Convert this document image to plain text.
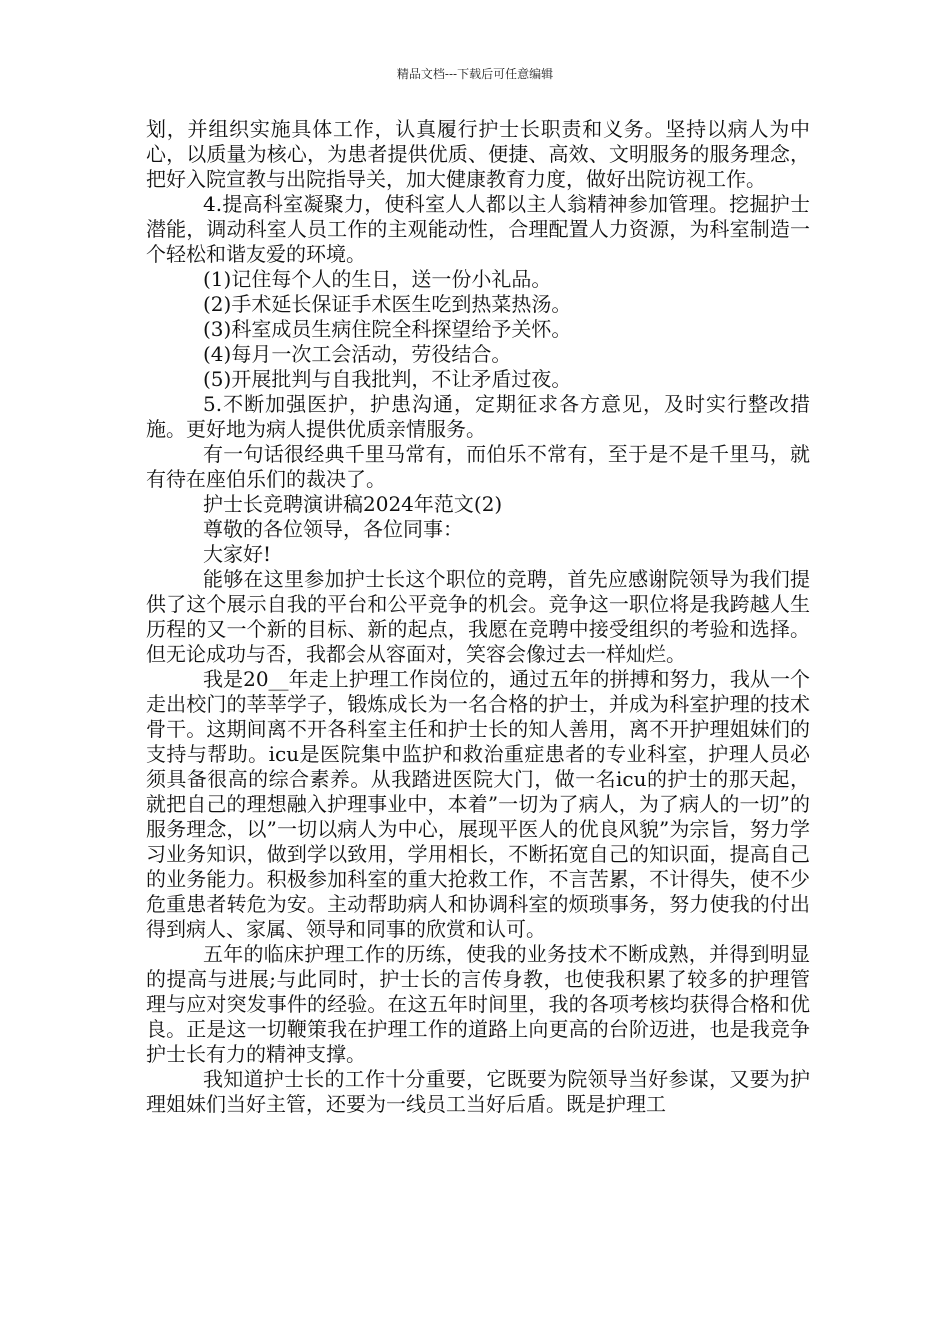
精品文档---下载后可任意编辑

划，并组织实施具体工作，认真履行护士长职责和义务。坚持以病人为中心，以质量为核心，为患者提供优质、便捷、高效、文明服务的服务理念，把好入院宣教与出院指导关，加大健康教育力度，做好出院访视工作。

4.提高科室凝聚力，使科室人人都以主人翁精神参加管理。挖掘护士潜能，调动科室人员工作的主观能动性，合理配置人力资源，为科室制造一个轻松和谐友爱的环境。

(1)记住每个人的生日，送一份小礼品。

(2)手术延长保证手术医生吃到热菜热汤。

(3)科室成员生病住院全科探望给予关怀。

(4)每月一次工会活动，劳役结合。

(5)开展批判与自我批判，不让矛盾过夜。

5.不断加强医护，护患沟通，定期征求各方意见，及时实行整改措施。更好地为病人提供优质亲情服务。

有一句话很经典千里马常有，而伯乐不常有，至于是不是千里马，就有待在座伯乐们的裁决了。

护士长竞聘演讲稿2024年范文(2)

尊敬的各位领导，各位同事：

大家好!

能够在这里参加护士长这个职位的竞聘，首先应感谢院领导为我们提供了这个展示自我的平台和公平竞争的机会。竞争这一职位将是我跨越人生历程的又一个新的目标、新的起点，我愿在竞聘中接受组织的考验和选择。但无论成功与否，我都会从容面对，笑容会像过去一样灿烂。

我是20__年走上护理工作岗位的，通过五年的拼搏和努力，我从一个走出校门的莘莘学子，锻炼成长为一名合格的护士，并成为科室护理的技术骨干。这期间离不开各科室主任和护士长的知人善用，离不开护理姐妹们的支持与帮助。icu是医院集中监护和救治重症患者的专业科室，护理人员必须具备很高的综合素养。从我踏进医院大门，做一名icu的护士的那天起，就把自己的理想融入护理事业中，本着”一切为了病人，为了病人的一切”的服务理念，以”一切以病人为中心，展现平医人的优良风貌”为宗旨，努力学习业务知识，做到学以致用，学用相长，不断拓宽自己的知识面，提高自己的业务能力。积极参加科室的重大抢救工作，不言苦累，不计得失，使不少危重患者转危为安。主动帮助病人和协调科室的烦琐事务，努力使我的付出得到病人、家属、领导和同事的欣赏和认可。

五年的临床护理工作的历练，使我的业务技术不断成熟，并得到明显的提高与进展;与此同时，护士长的言传身教，也使我积累了较多的护理管理与应对突发事件的经验。在这五年时间里，我的各项考核均获得合格和优良。正是这一切鞭策我在护理工作的道路上向更高的台阶迈进，也是我竞争护士长有力的精神支撑。

我知道护士长的工作十分重要，它既要为院领导当好参谋，又要为护理姐妹们当好主管，还要为一线员工当好后盾。既是护理工
